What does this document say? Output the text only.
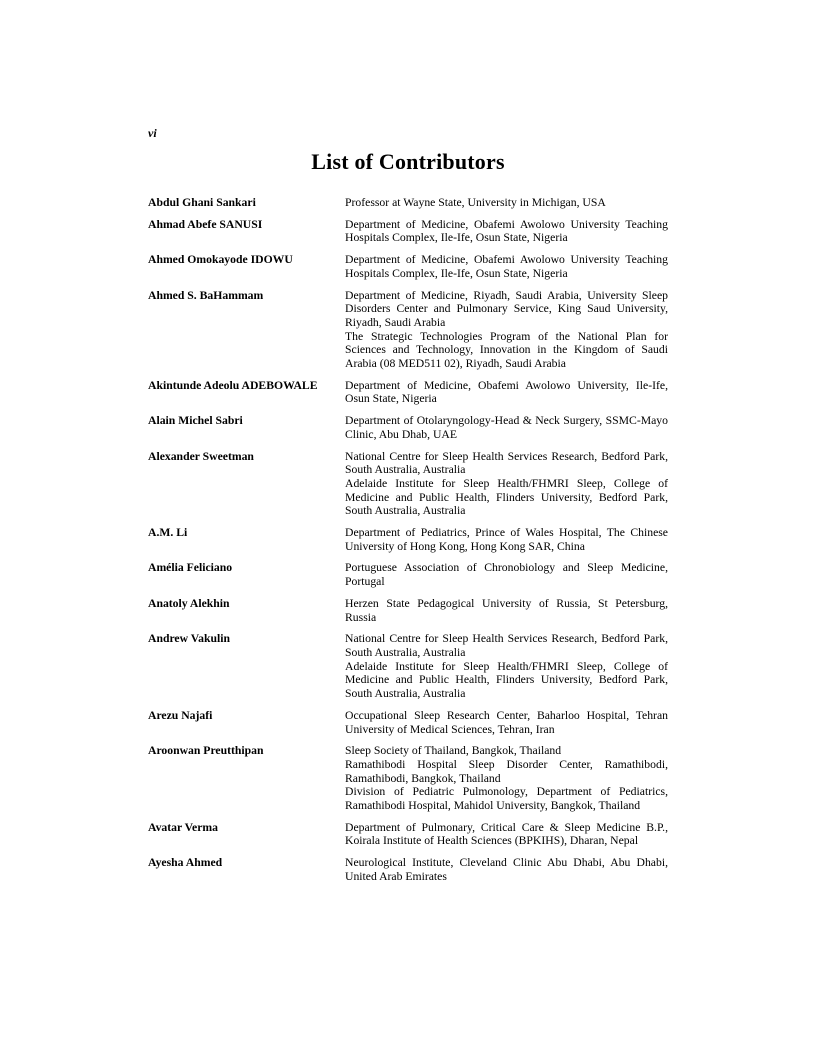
vi

List of Contributors
Abdul Ghani Sankari	Professor at Wayne State, University in Michigan, USA

Ahmad Abefe SANUSI	Department of Medicine, Obafemi Awolowo University Teaching Hospitals Complex, Ile-Ife, Osun State, Nigeria

Ahmed Omokayode IDOWU	Department of Medicine, Obafemi Awolowo University Teaching Hospitals Complex, Ile-Ife, Osun State, Nigeria

Ahmed S. BaHammam	Department of Medicine, Riyadh, Saudi Arabia, University Sleep Disorders Center and Pulmonary Service, King Saud University, Riyadh, Saudi Arabia

The Strategic Technologies Program of the National Plan for Sciences and Technology, Innovation in the Kingdom of Saudi Arabia (08 MED511 02), Riyadh, Saudi Arabia

Akintunde Adeolu ADEBOWALE	Department of Medicine, Obafemi Awolowo University, Ile-Ife, Osun State, Nigeria

Alain Michel Sabri	Department of Otolaryngology-Head & Neck Surgery, SSMC-Mayo Clinic, Abu Dhab, UAE

Alexander Sweetman	National Centre for Sleep Health Services Research, Bedford Park, South Australia, Australia

Adelaide Institute for Sleep Health/FHMRI Sleep, College of Medicine and Public Health, Flinders University, Bedford Park, South Australia, Australia

A.M. Li	Department of Pediatrics, Prince of Wales Hospital, The Chinese University of Hong Kong, Hong Kong SAR, China

Amélia Feliciano	Portuguese Association of Chronobiology and Sleep Medicine, Portugal

Anatoly Alekhin	Herzen State Pedagogical University of Russia, St Petersburg, Russia

Andrew Vakulin	National Centre for Sleep Health Services Research, Bedford Park, South Australia, Australia

Adelaide Institute for Sleep Health/FHMRI Sleep, College of Medicine and Public Health, Flinders University, Bedford Park, South Australia, Australia

Arezu Najafi	Occupational Sleep Research Center, Baharloo Hospital, Tehran University of Medical Sciences, Tehran, Iran

Aroonwan Preutthipan	Sleep Society of Thailand, Bangkok, Thailand

Ramathibodi Hospital Sleep Disorder Center, Ramathibodi, Ramathibodi, Bangkok, Thailand

Division of Pediatric Pulmonology, Department of Pediatrics, Ramathibodi Hospital, Mahidol University, Bangkok, Thailand

Avatar Verma	Department of Pulmonary, Critical Care & Sleep Medicine B.P., Koirala Institute of Health Sciences (BPKIHS), Dharan, Nepal

Ayesha Ahmed	Neurological Institute, Cleveland Clinic Abu Dhabi, Abu Dhabi, United Arab Emirates
